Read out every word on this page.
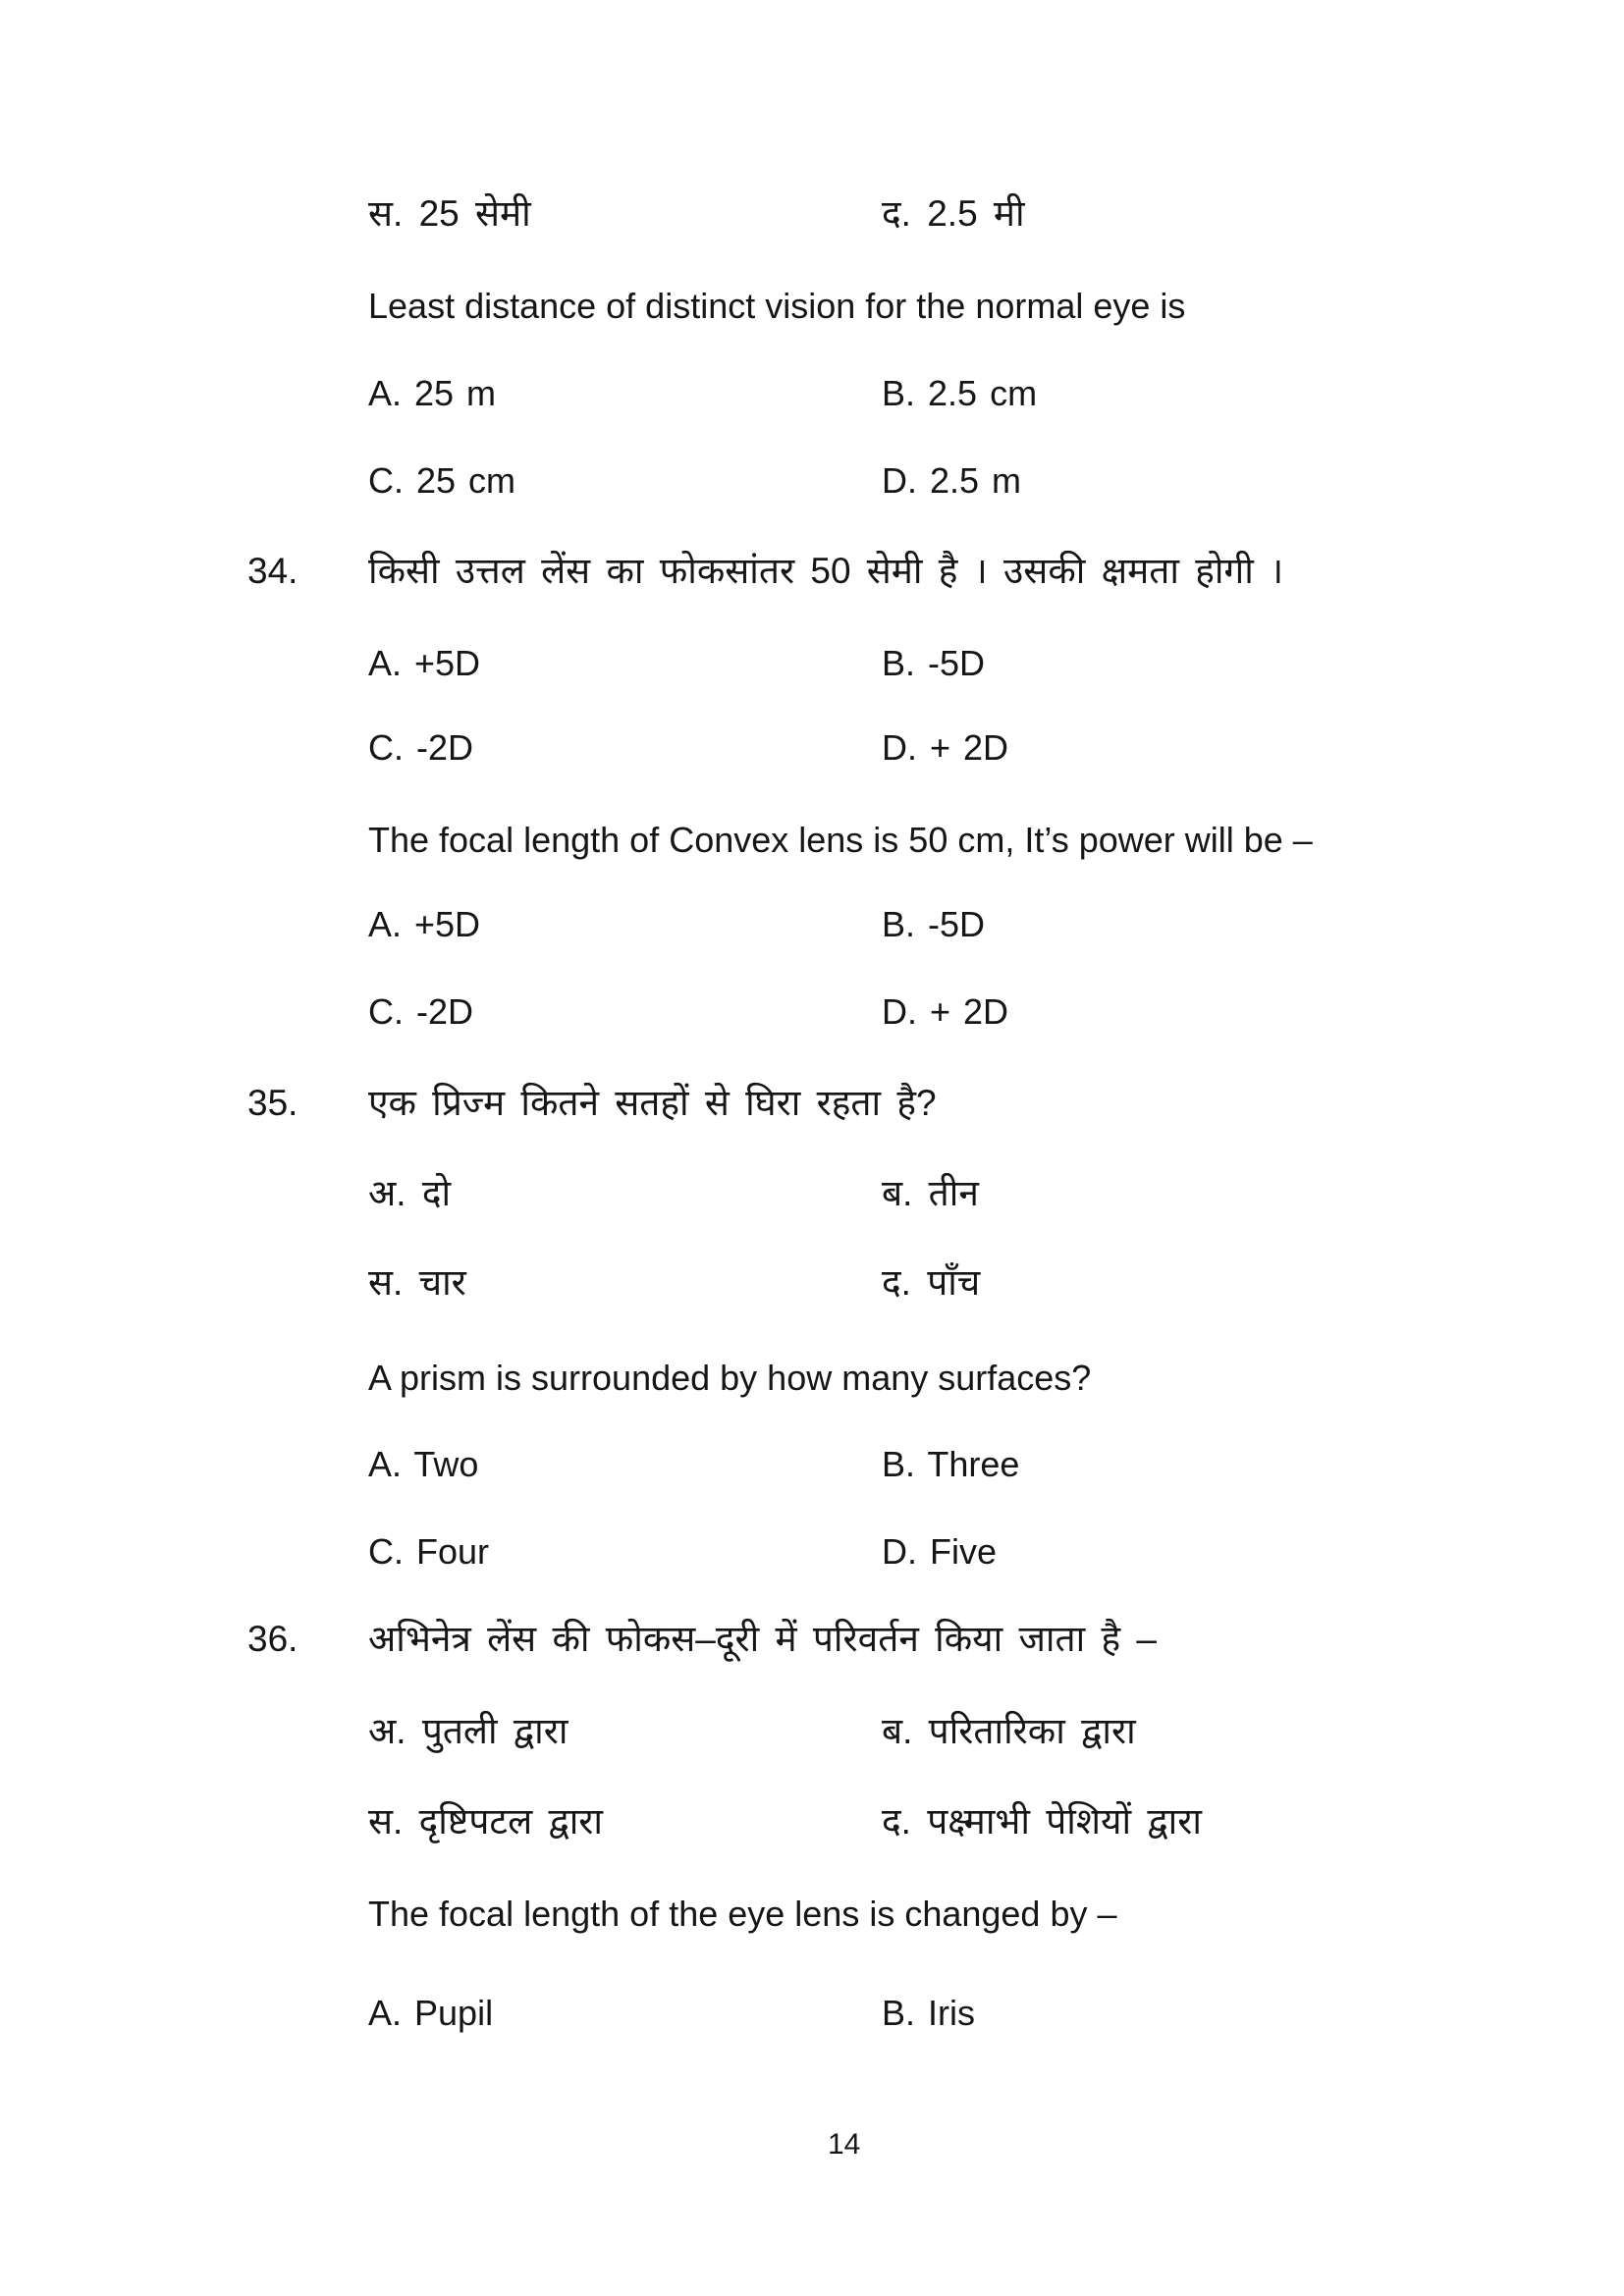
स. 25 सेमी	द. 2.5 मी
Least distance of distinct vision for the normal eye is
A. 25 m	B. 2.5 cm
C. 25 cm	D. 2.5 m
34. किसी उत्तल लेंस का फोकसांतर 50 सेमी है । उसकी क्षमता होगी ।
A. +5D	B. -5D
C. -2D	D. + 2D
The focal length of Convex lens is 50 cm, It’s power will be –
A. +5D	B. -5D
C. -2D	D. + 2D
35. एक प्रिज्म कितने सतहों से घिरा रहता है?
अ. दो	ब. तीन
स. चार	द. पाँच
A prism is surrounded by how many surfaces?
A. Two	B. Three
C. Four	D. Five
36. अभिनेत्र लेंस की फोकस–दूरी में परिवर्तन किया जाता है –
अ. पुतली द्वारा	ब. परितारिका द्वारा
स. दृष्टिपटल द्वारा	द. पक्ष्माभी पेशियों द्वारा
The focal length of the eye lens is changed by –
A. Pupil	B. Iris
14
